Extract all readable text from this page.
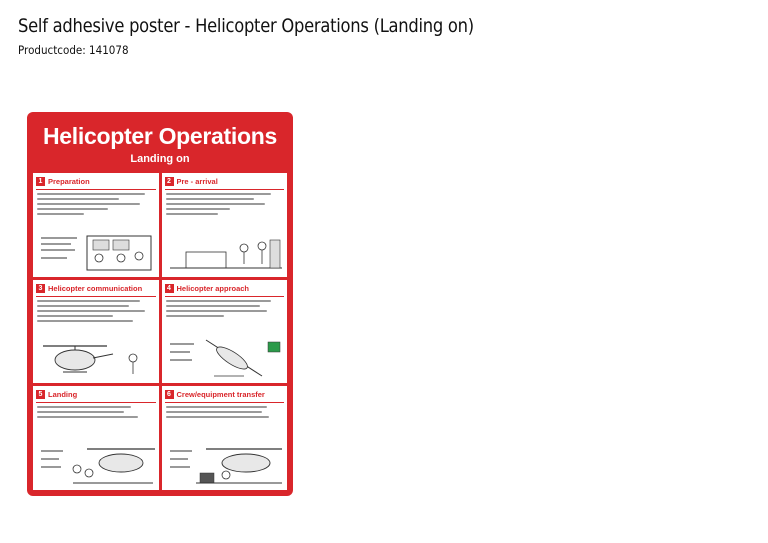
Self adhesive poster - Helicopter Operations (Landing on)
Productcode: 141078
Helicopter Operations
Landing on
1 Preparation	2 Pre - arrival
3 Helicopter communication	4 Helicopter approach
5 Landing	6 Crew/equipment transfer
